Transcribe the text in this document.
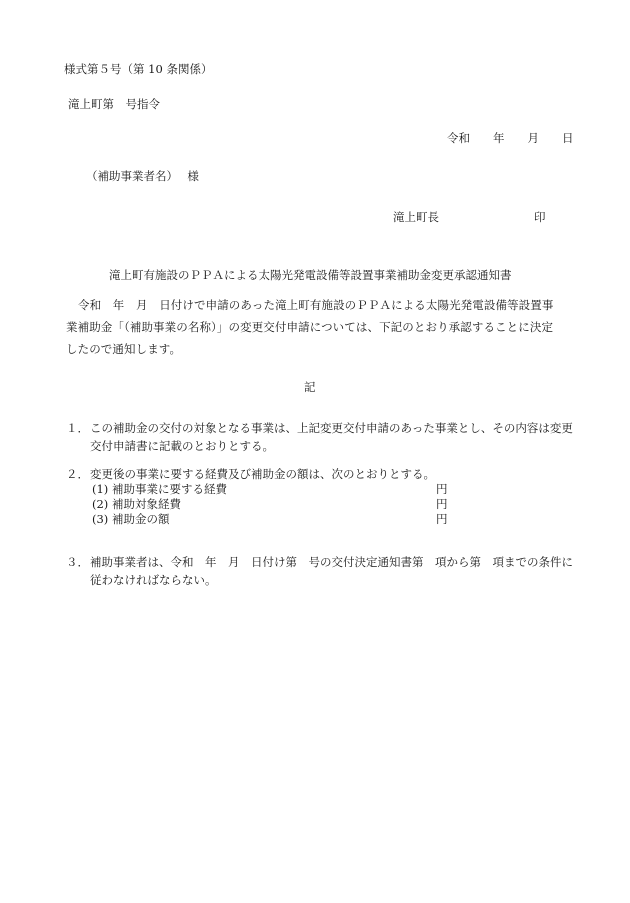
様式第５号（第 10 条関係）
滝上町第　号指令
令和　　年　　月　　日
（補助事業者名）　 様
滝上町長	印
滝上町有施設のＰＰＡによる太陽光発電設備等設置事業補助金変更承認通知書
令和　年　月　日付けで申請のあった滝上町有施設のＰＰＡによる太陽光発電設備等設置事業補助金「（補助事業の名称）」の変更交付申請については、下記のとおり承認することに決定したので通知します。
記
１． この補助金の交付の対象となる事業は、上記変更交付申請のあった事業とし、その内容は変更交付申請書に記載のとおりとする。
２． 変更後の事業に要する経費及び補助金の額は、次のとおりとする。
(1) 補助事業に要する経費	円
(2) 補助対象経費	円
(3) 補助金の額	円
３． 補助事業者は、令和　年　月　日付け第　号の交付決定通知書第　項から第　項までの条件に従わなければならない。
